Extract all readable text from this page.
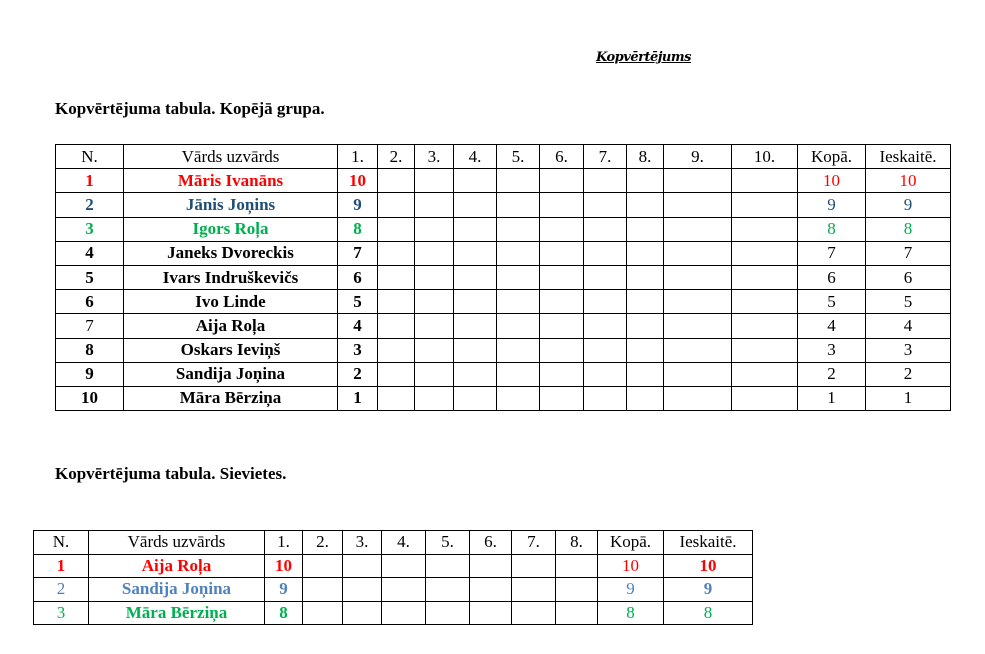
Kopvērtējums
Kopvērtējuma tabula. Kopējā grupa.
N.	Vārds uzvārds	1.	2.	3.	4.	5.	6.	7.	8.	9.	10.	Kopā.	Ieskaitē.
1	Māris Ivanāns	10										10	10
2	Jānis Joņins	9										9	9
3	Igors Roļa	8										8	8
4	Janeks Dvoreckis	7										7	7
5	Ivars Indruškevičs	6										6	6
6	Ivo Linde	5										5	5
7	Aija Roļa	4										4	4
8	Oskars Ieviņš	3										3	3
9	Sandija Joņina	2										2	2
10	Māra Bērziņa	1										1	1
Kopvērtējuma tabula. Sievietes.
N.	Vārds uzvārds	1.	2.	3.	4.	5.	6.	7.	8.	Kopā.	Ieskaitē.
1	Aija Roļa	10								10	10
2	Sandija Joņina	9								9	9
3	Māra Bērziņa	8								8	8
